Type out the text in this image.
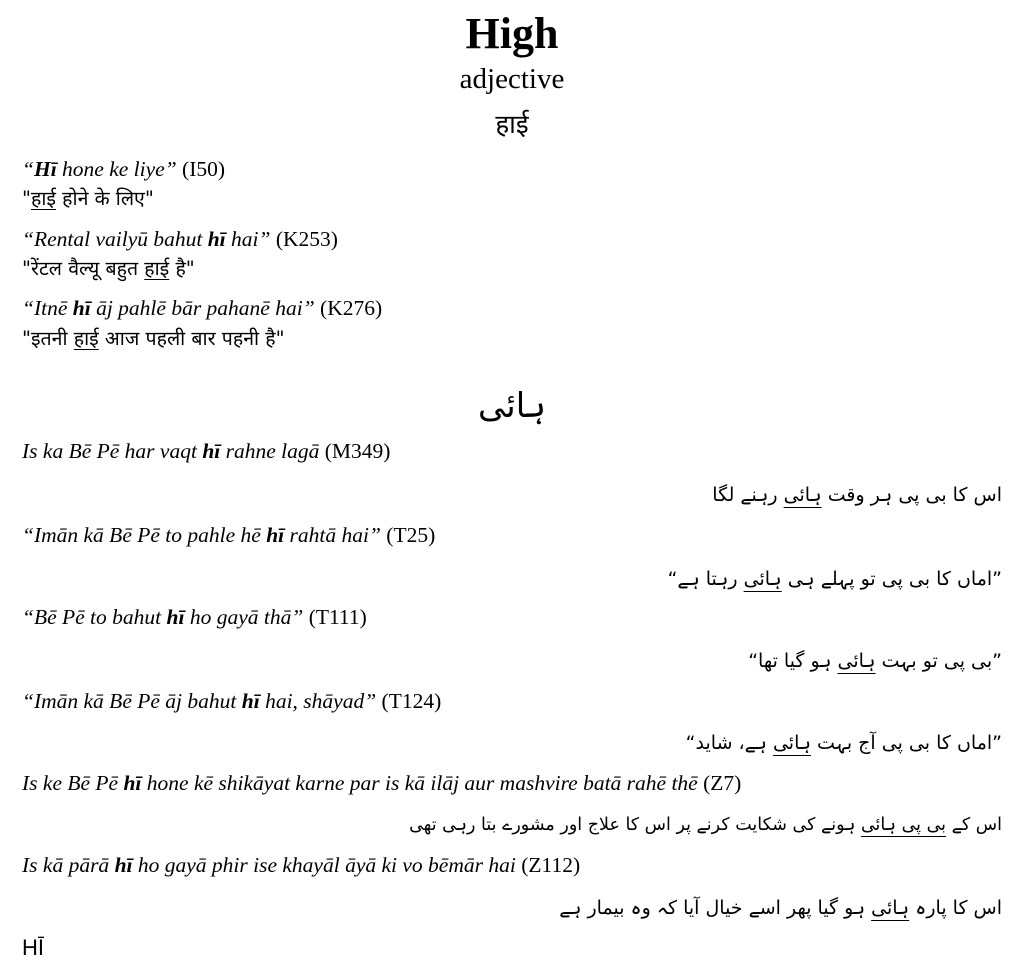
High
adjective
हाई
“Hī hone ke liye” (I50)
"हाई होने के लिए"
“Rental vailyū bahut hī hai” (K253)
"रेंटल वैल्यू बहुत हाई है"
“Itnē hī āj pahlē bār pahanē hai” (K276)
"इतनी हाई आज पहली बार पहनी है"
ہائی
Is ka Bē Pē har vaqt hī rahne lagā (M349)
اس کا بی پی ہر وقت ہائی رہنے لگا
“Imān kā Bē Pē to pahle hē hī rahtā hai” (T25)
”اماں کا بی پی تو پہلے ہی ہائی رہتا ہے“
“Bē Pē to bahut hī ho gayā thā” (T111)
”بی پی تو بہت ہائی ہو گیا تھا“
“Imān kā Bē Pē āj bahut hī hai, shāyad” (T124)
”اماں کا بی پی آج بہت ہائی ہے، شاید“
Is ke Bē Pē hī hone kē shikāyat karne par is kā ilāj aur mashvire batā rahē thē (Z7)
اس کے بی پی ہائی ہونے کی شکایت کرنے پر اس کا علاج اور مشورے بتا رہی تھی
Is kā pārā hī ho gayā phir ise khayāl āyā ki vo bēmār hai (Z112)
اس کا پارہ ہائی ہو گیا پھر اسے خیال آیا کہ وہ بیمار ہے
HĪ
